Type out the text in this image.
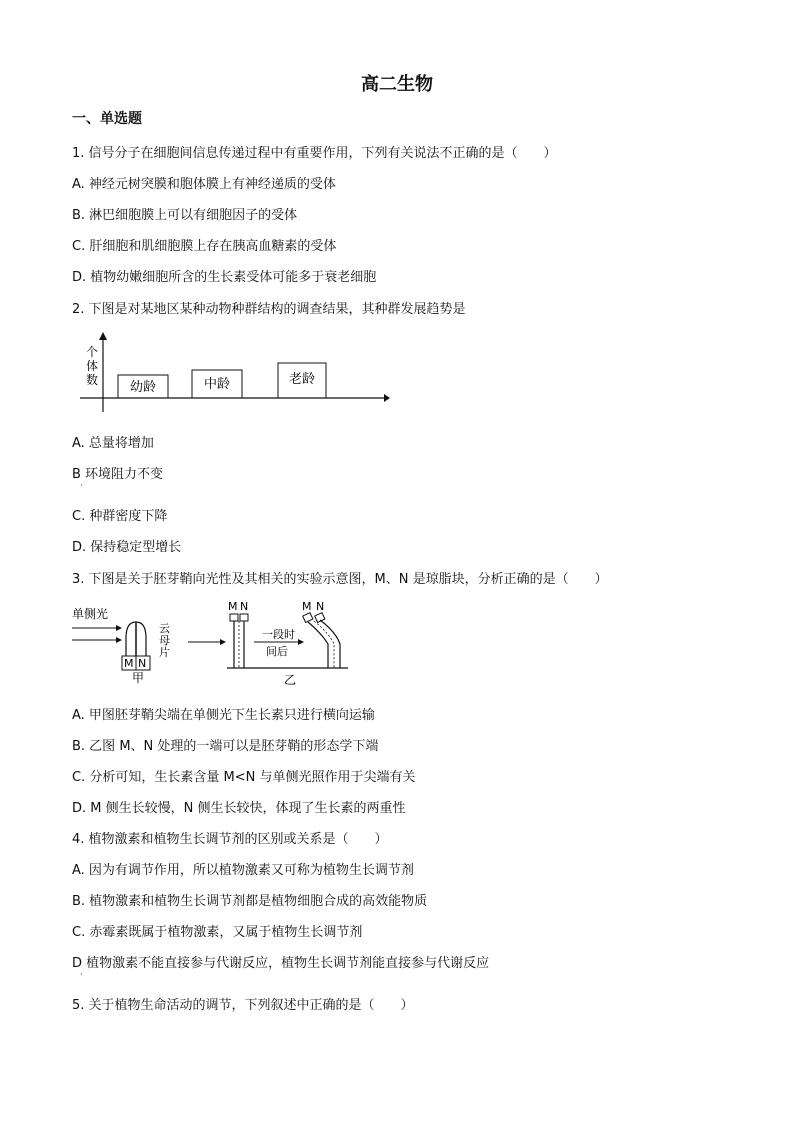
高二生物
一、单选题
1. 信号分子在细胞间信息传递过程中有重要作用，下列有关说法不正确的是（　　）
A. 神经元树突膜和胞体膜上有神经递质的受体
B. 淋巴细胞膜上可以有细胞因子的受体
C. 肝细胞和肌细胞膜上存在胰高血糖素的受体
D. 植物幼嫩细胞所含的生长素受体可能多于衰老细胞
2. 下图是对某地区某种动物种群结构的调查结果，其种群发展趋势是
个
体
数 幼龄	中龄	老龄
A. 总量将增加
B 环境阻力不变
·
C. 种群密度下降
D. 保持稳定型增长
3. 下图是关于胚芽鞘向光性及其相关的实验示意图，M、N 是琼脂块，分析正确的是（　　）
单侧光
云
母
片
M N
甲
M N
一段时
间后
M N
乙
A. 甲图胚芽鞘尖端在单侧光下生长素只进行横向运输
B. 乙图 M、N 处理的一端可以是胚芽鞘的形态学下端
C. 分析可知，生长素含量 M<N 与单侧光照作用于尖端有关
D. M 侧生长较慢，N 侧生长较快，体现了生长素的两重性
4. 植物激素和植物生长调节剂的区别或关系是（　　）
A. 因为有调节作用，所以植物激素又可称为植物生长调节剂
B. 植物激素和植物生长调节剂都是植物细胞合成的高效能物质
C. 赤霉素既属于植物激素，又属于植物生长调节剂
D 植物激素不能直接参与代谢反应，植物生长调节剂能直接参与代谢反应
·
5. 关于植物生命活动的调节，下列叙述中正确的是（　　）
